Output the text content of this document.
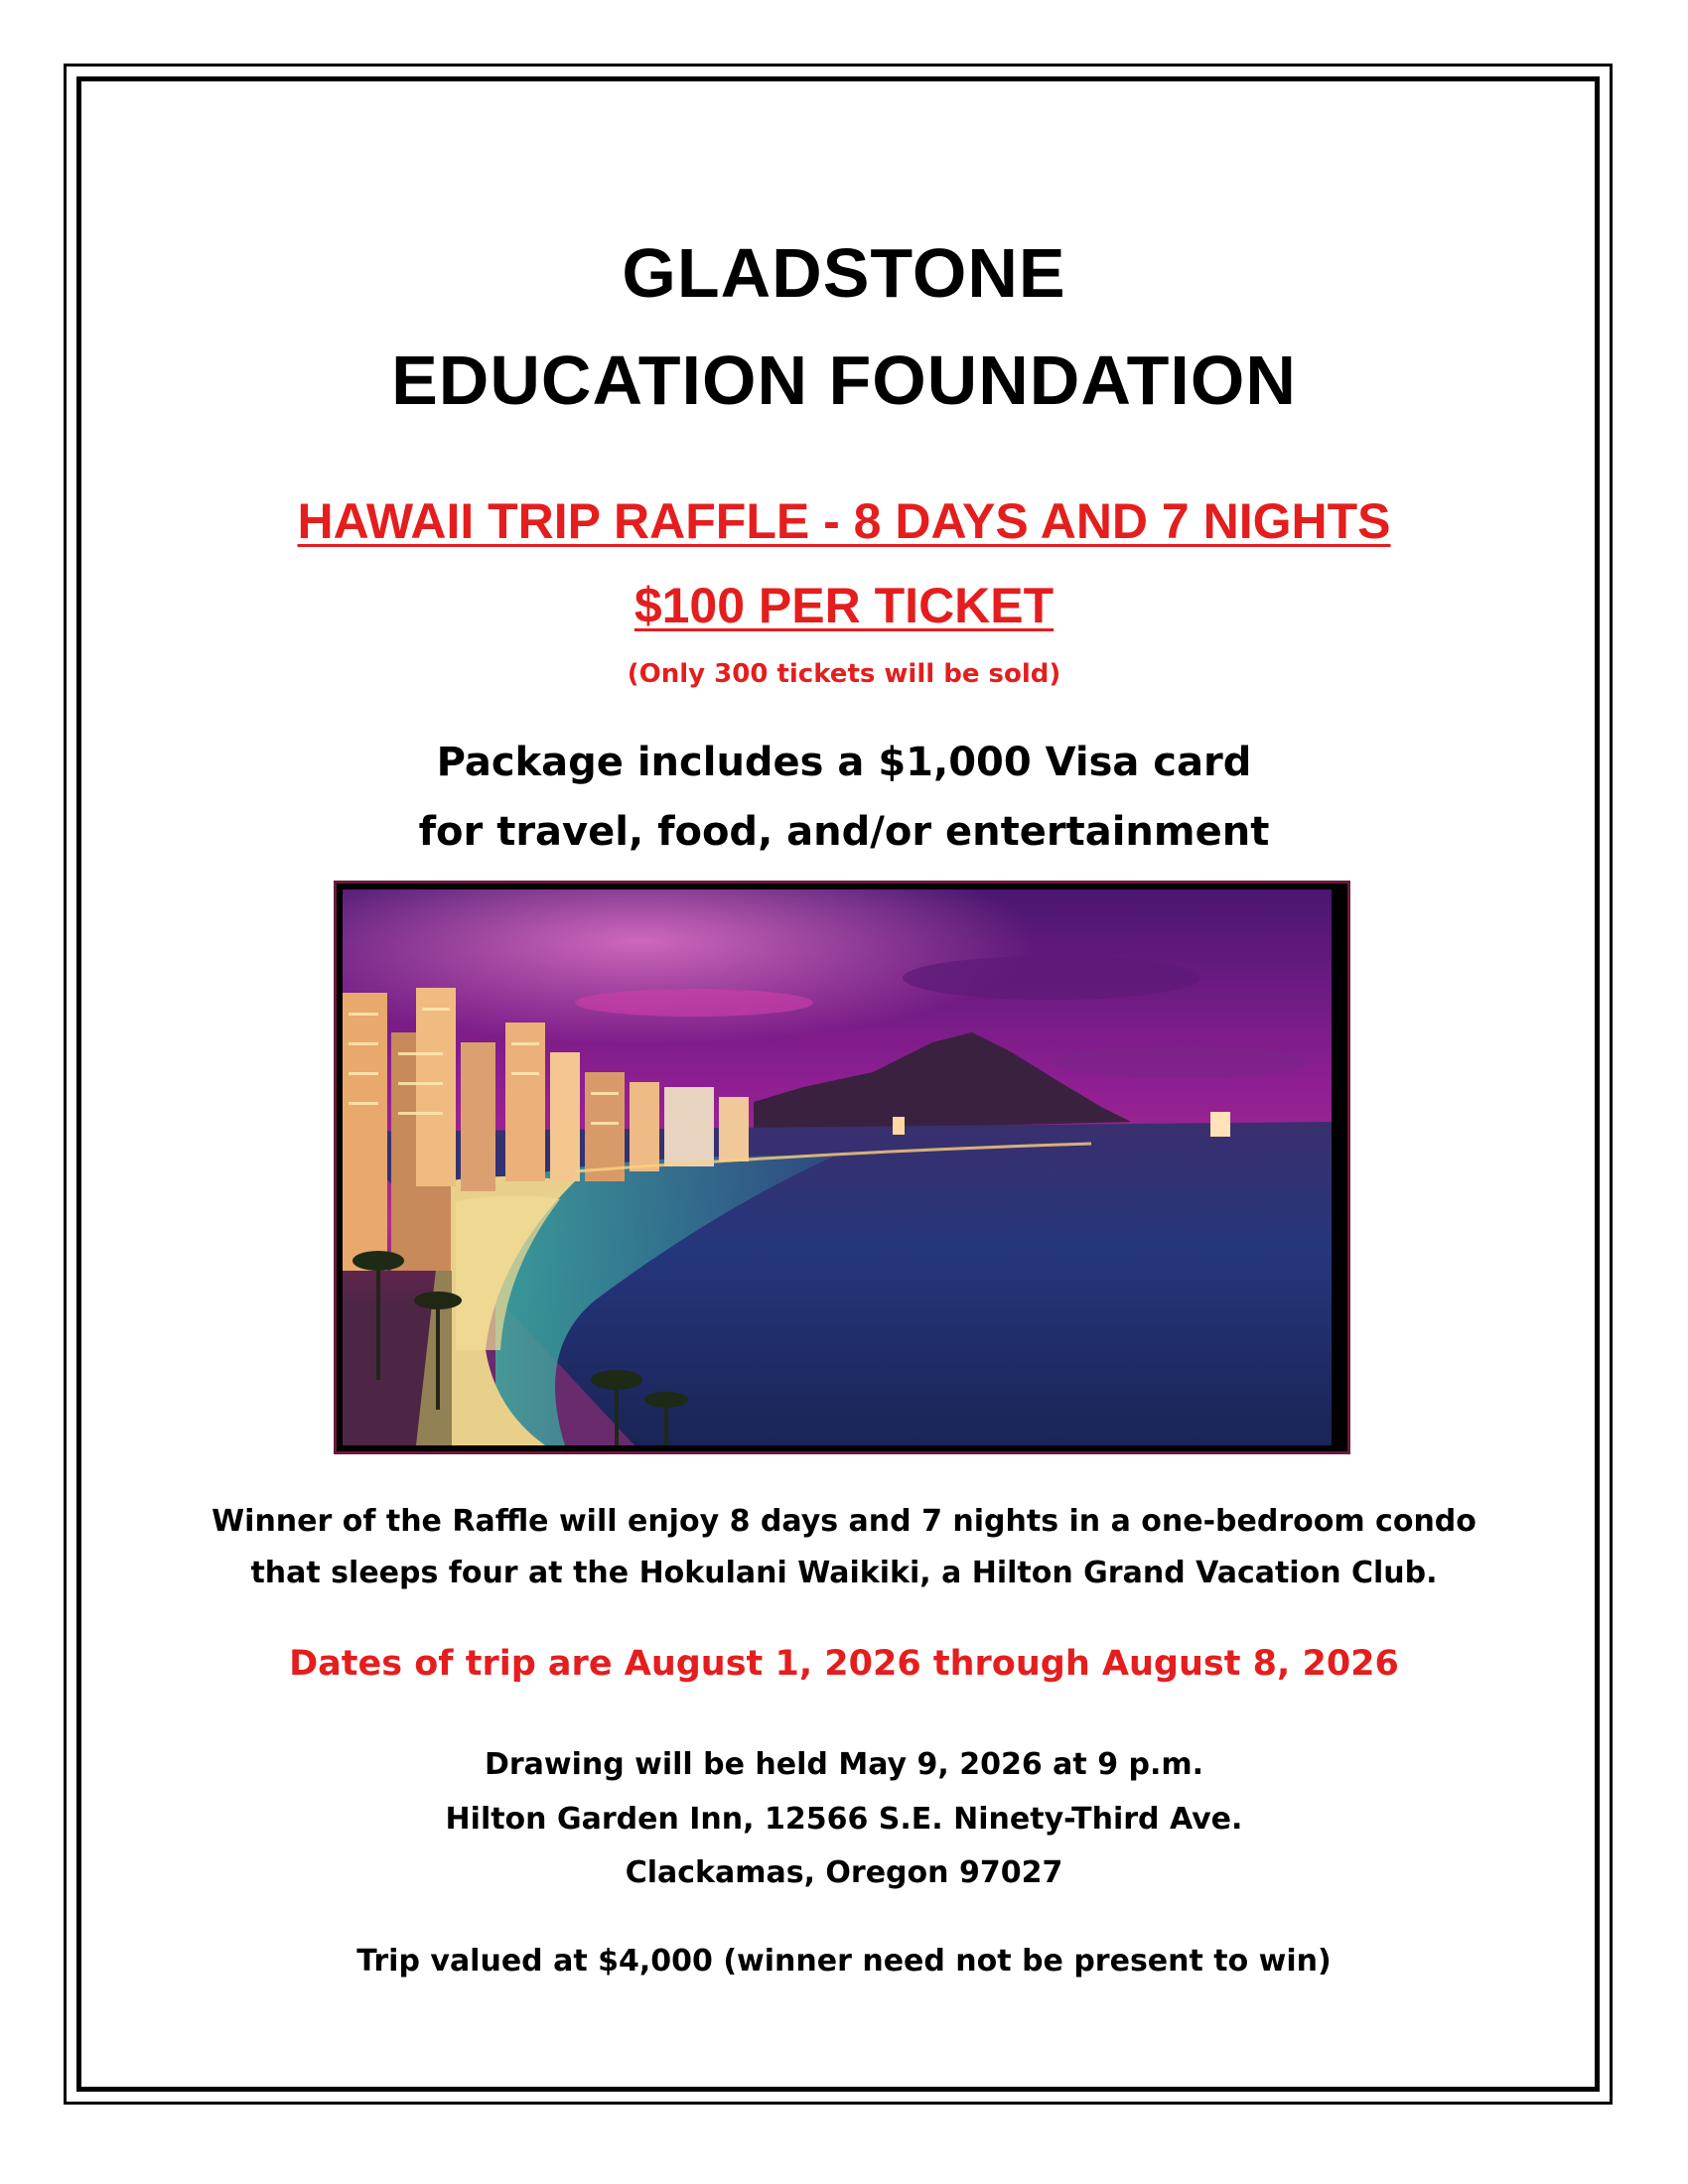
GLADSTONE
EDUCATION FOUNDATION
HAWAII TRIP RAFFLE - 8 DAYS AND 7 NIGHTS
$100 PER TICKET
(Only 300 tickets will be sold)
Package includes a $1,000 Visa card
for travel, food, and/or entertainment
Winner of the Raffle will enjoy 8 days and 7 nights in a one-bedroom condo
that sleeps four at the Hokulani Waikiki, a Hilton Grand Vacation Club.
Dates of trip are August 1, 2026 through August 8, 2026
Drawing will be held May 9, 2026 at 9 p.m.
Hilton Garden Inn, 12566 S.E. Ninety-Third Ave.
Clackamas, Oregon 97027
Trip valued at $4,000 (winner need not be present to win)
